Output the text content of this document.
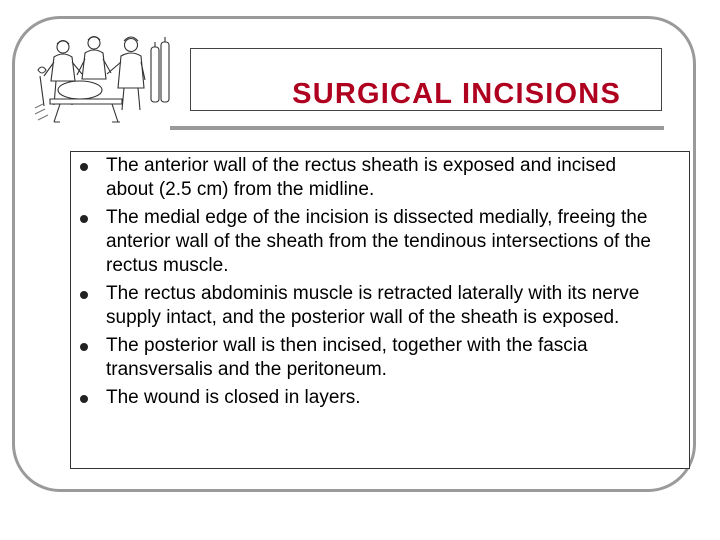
SURGICAL INCISIONS
The anterior wall of the rectus sheath is exposed and incised about (2.5 cm) from the midline.
The medial edge of the incision is dissected medially, freeing the anterior wall of the sheath from the tendinous intersections of the rectus muscle.
The rectus abdominis muscle is retracted laterally with its nerve supply intact, and the posterior wall of the sheath is exposed.
The posterior wall is then incised, together with the fascia transversalis and the peritoneum.
The wound is closed in layers.
